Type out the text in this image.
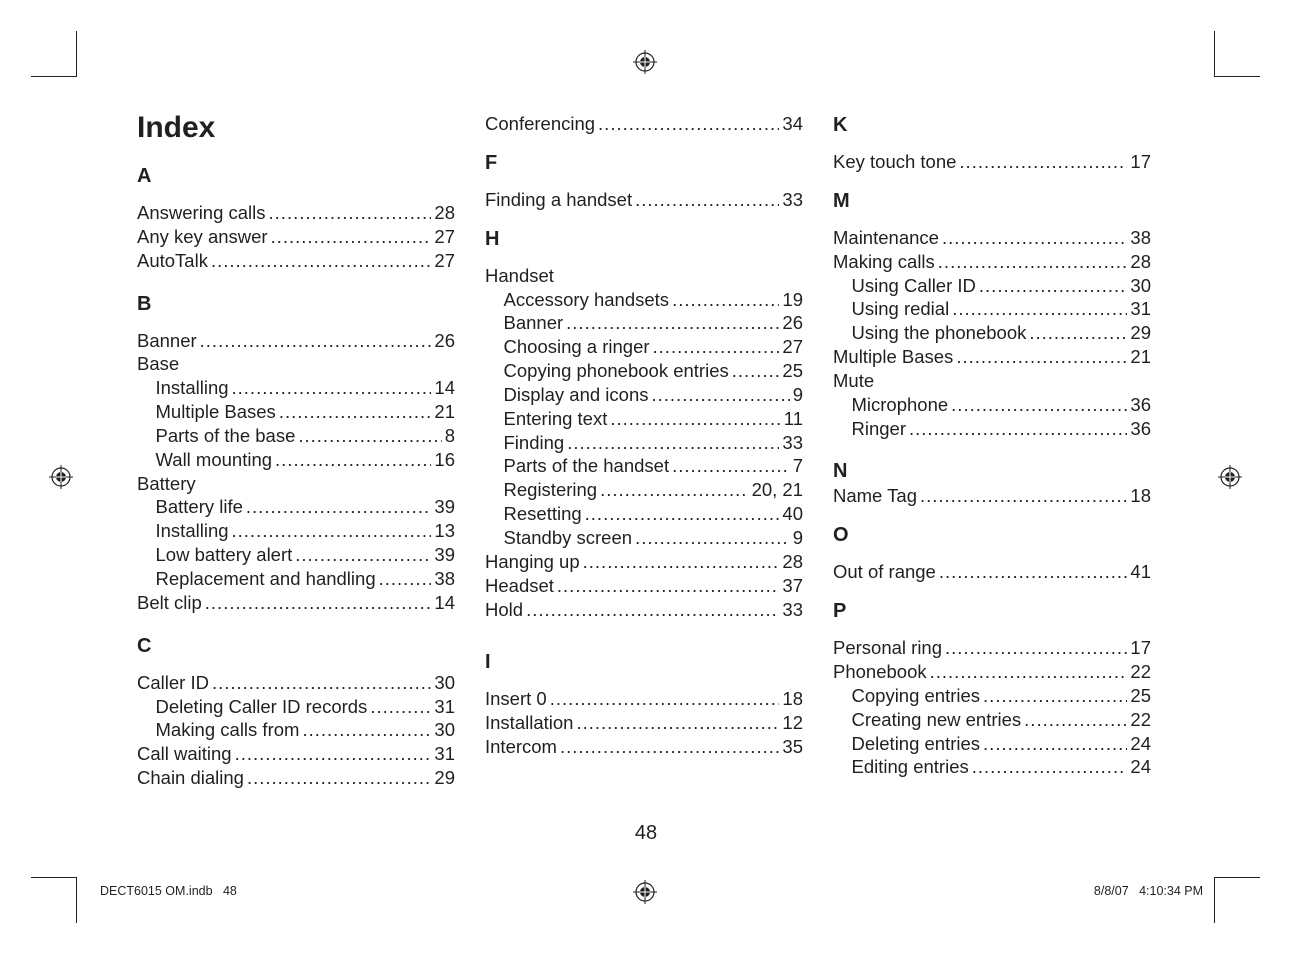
Index
A
Answering calls .....	28
Any key answer .....	27
AutoTalk .....	27
B
Banner .....	26
Base
Installing .....	14
Multiple Bases .....	21
Parts of the base .....	8
Wall mounting .....	16
Battery
Battery life .....	39
Installing .....	13
Low battery alert .....	39
Replacement and handling .....	38
Belt clip .....	14
C
Caller ID .....	30
Deleting Caller ID records .....	31
Making calls from .....	30
Call waiting .....	31
Chain dialing .....	29
Conferencing .....	34
F
Finding a handset .....	33
H
Handset
Accessory handsets .....	19
Banner .....	26
Choosing a ringer .....	27
Copying phonebook entries .....	25
Display and icons .....	9
Entering text .....	11
Finding .....	33
Parts of the handset .....	7
Registering .....	20, 21
Resetting .....	40
Standby screen .....	9
Hanging up .....	28
Headset .....	37
Hold .....	33
I
Insert 0 .....	18
Installation .....	12
Intercom .....	35
K
Key touch tone .....	17
M
Maintenance .....	38
Making calls .....	28
Using Caller ID .....	30
Using redial .....	31
Using the phonebook .....	29
Multiple Bases .....	21
Mute
Microphone .....	36
Ringer .....	36
N
Name Tag .....	18
O
Out of range .....	41
P
Personal ring .....	17
Phonebook .....	22
Copying entries .....	25
Creating new entries .....	22
Deleting entries .....	24
Editing entries .....	24
48
DECT6015 OM.indb   48	8/8/07   4:10:34 PM
